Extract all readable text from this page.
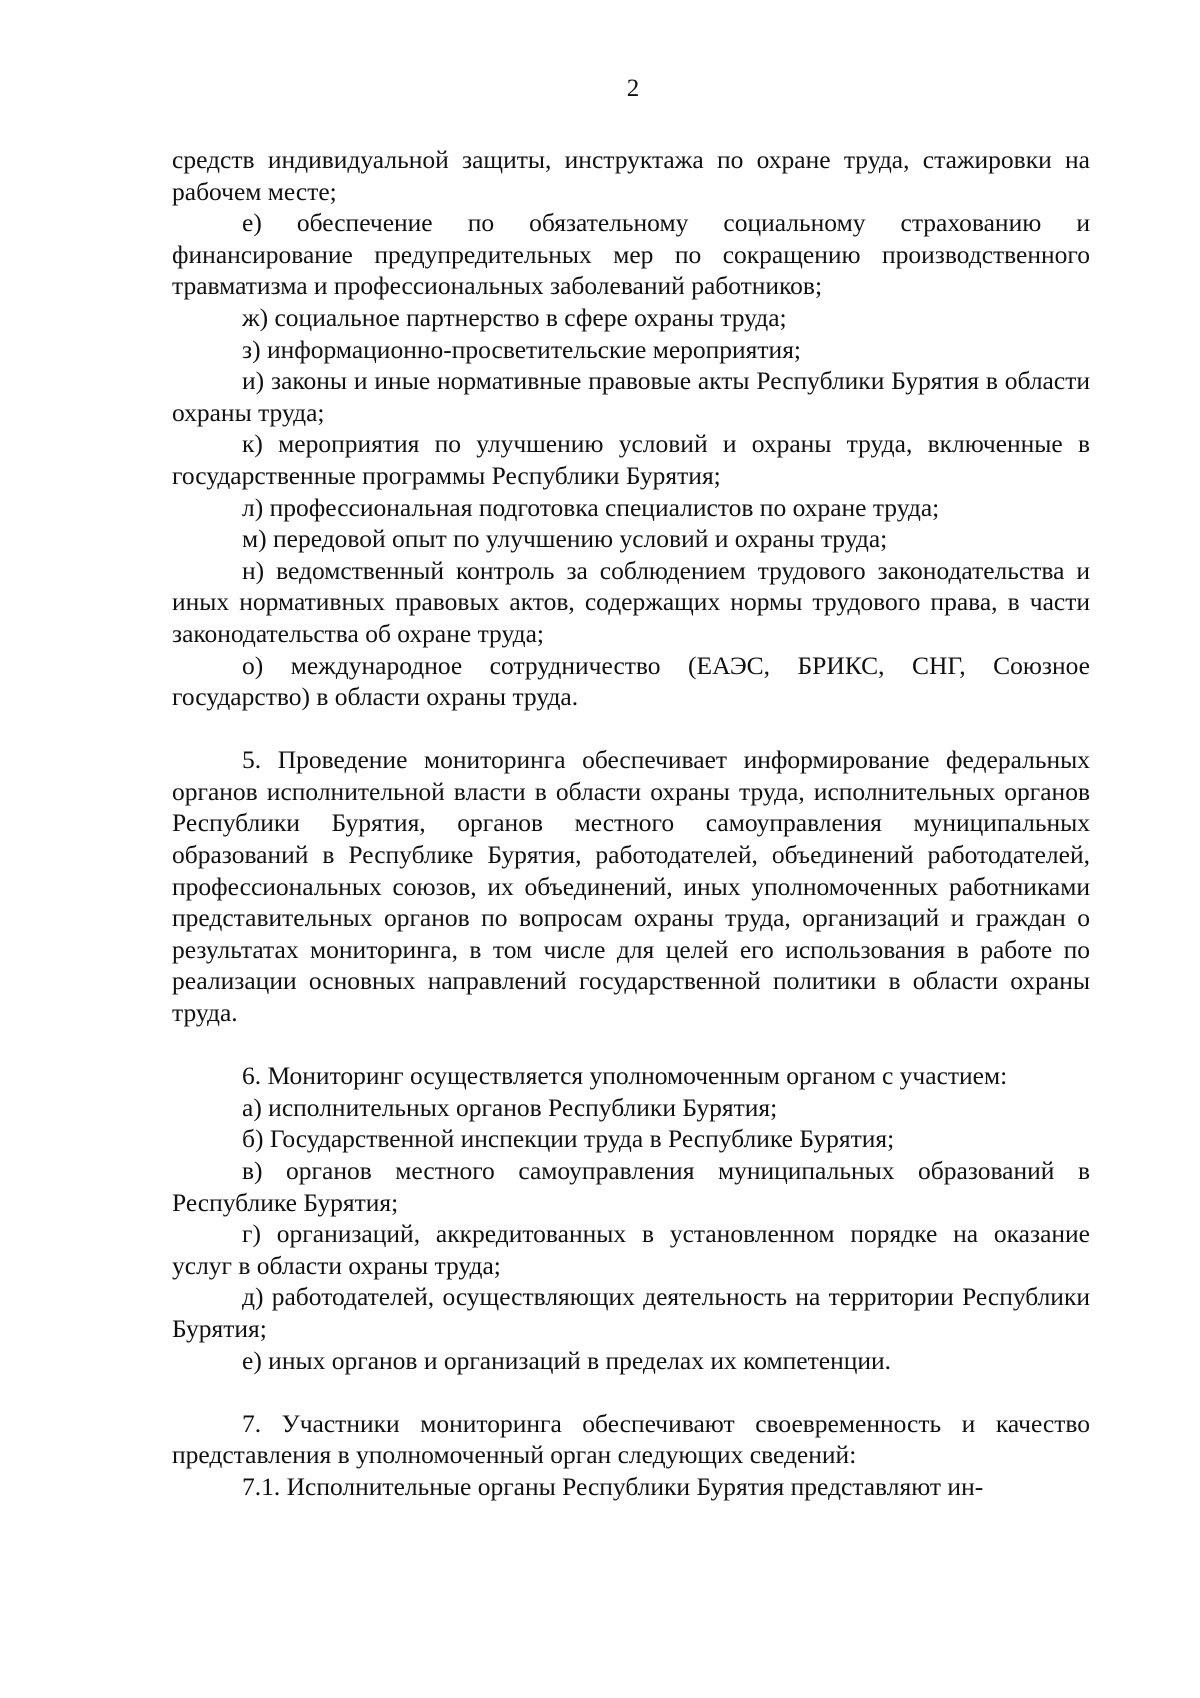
2

средств индивидуальной защиты, инструктажа по охране труда, стажировки на рабочем месте;

е) обеспечение по обязательному социальному страхованию и финансирование предупредительных мер по сокращению производственного травматизма и профессиональных заболеваний работников;

ж) социальное партнерство в сфере охраны труда;

з) информационно-просветительские мероприятия;

и) законы и иные нормативные правовые акты Республики Бурятия в области охраны труда;

к) мероприятия по улучшению условий и охраны труда, включенные в государственные программы Республики Бурятия;

л) профессиональная подготовка специалистов по охране труда;

м) передовой опыт по улучшению условий и охраны труда;

н) ведомственный контроль за соблюдением трудового законодательства и иных нормативных правовых актов, содержащих нормы трудового права, в части законодательства об охране труда;

о) международное сотрудничество (ЕАЭС, БРИКС, СНГ, Союзное государство) в области охраны труда.

5. Проведение мониторинга обеспечивает информирование федеральных органов исполнительной власти в области охраны труда, исполнительных органов Республики Бурятия, органов местного самоуправления муниципальных образований в Республике Бурятия, работодателей, объединений работодателей, профессиональных союзов, их объединений, иных уполномоченных работниками представительных органов по вопросам охраны труда, организаций и граждан о результатах мониторинга, в том числе для целей его использования в работе по реализации основных направлений государственной политики в области охраны труда.

6. Мониторинг осуществляется уполномоченным органом с участием:

а) исполнительных органов Республики Бурятия;

б) Государственной инспекции труда в Республике Бурятия;

в) органов местного самоуправления муниципальных образований в Республике Бурятия;

г) организаций, аккредитованных в установленном порядке на оказание услуг в области охраны труда;

д) работодателей, осуществляющих деятельность на территории Республики Бурятия;

е) иных органов и организаций в пределах их компетенции.

7. Участники мониторинга обеспечивают своевременность и качество представления в уполномоченный орган следующих сведений:

7.1. Исполнительные органы Республики Бурятия представляют ин-
